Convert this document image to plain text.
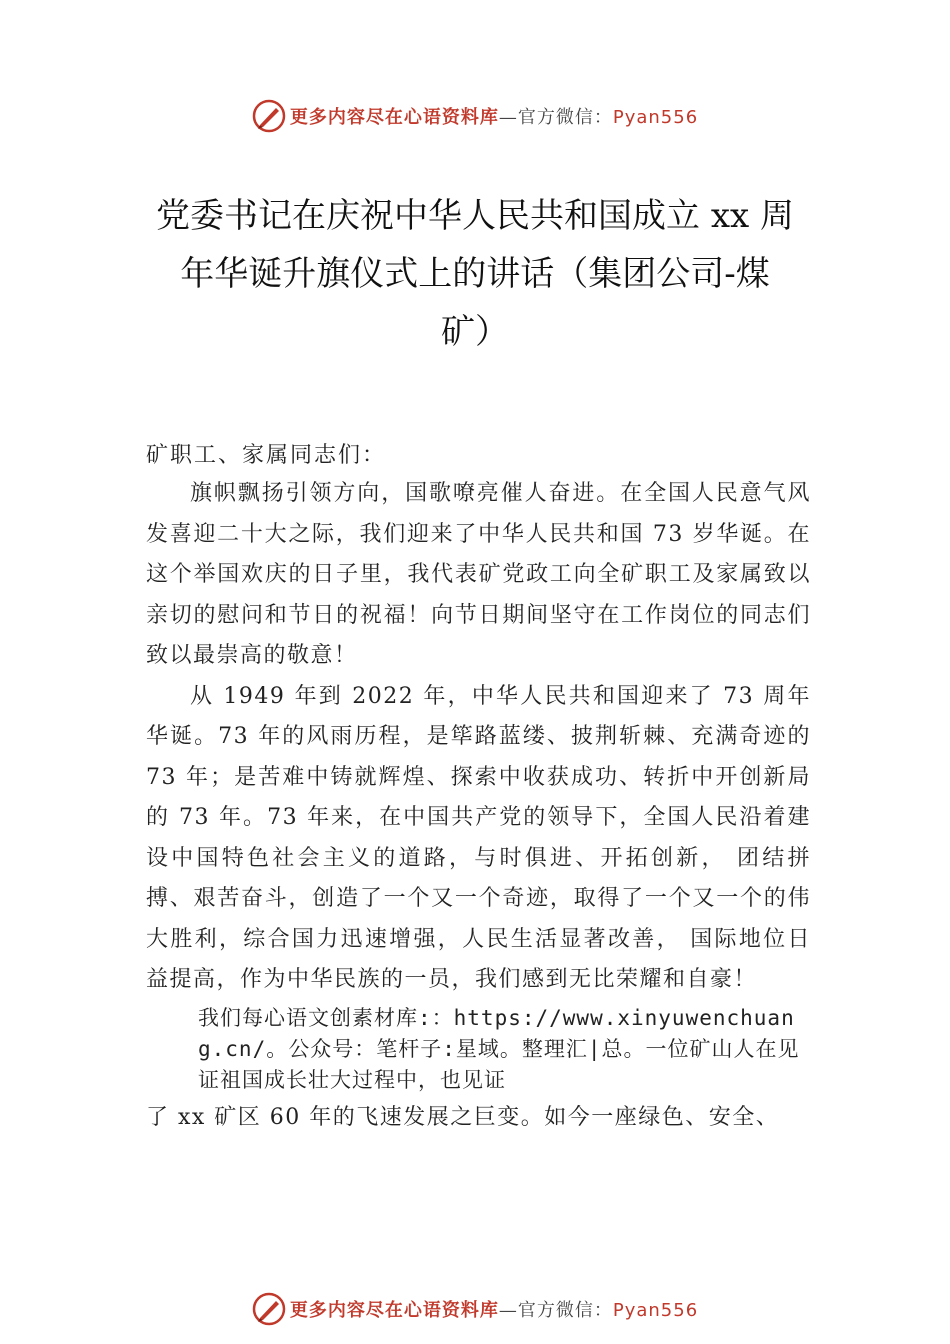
更多内容尽在心语资料库—官方微信：Pyan556
党委书记在庆祝中华人民共和国成立 xx 周
年华诞升旗仪式上的讲话（集团公司-煤
矿）

矿职工、家属同志们：

旗帜飘扬引领方向，国歌嘹亮催人奋进。在全国人民意气风发喜迎二十大之际，我们迎来了中华人民共和国 73 岁华诞。在这个举国欢庆的日子里，我代表矿党政工向全矿职工及家属致以亲切的慰问和节日的祝福！向节日期间坚守在工作岗位的同志们致以最崇高的敬意！

从 1949 年到 2022 年，中华人民共和国迎来了 73 周年华诞。73 年的风雨历程，是筚路蓝缕、披荆斩棘、充满奇迹的 73 年；是苦难中铸就辉煌、探索中收获成功、转折中开创新局的 73 年。73 年来，在中国共产党的领导下，全国人民沿着建设中国特色社会主义的道路，与时俱进、开拓创新， 团结拼搏、艰苦奋斗，创造了一个又一个奇迹，取得了一个又一个的伟大胜利，综合国力迅速增强，人民生活显著改善， 国际地位日益提高，作为中华民族的一员，我们感到无比荣耀和自豪！

我们每心语文创素材库:：https://www.xinyuwenchuang.cn/。公众号：笔杆子:星域。整理汇|总。一位矿山人在见证祖国成长壮大过程中，也见证

了 xx 矿区 60 年的飞速发展之巨变。如今一座绿色、安全、

更多内容尽在心语资料库—官方微信：Pyan556
